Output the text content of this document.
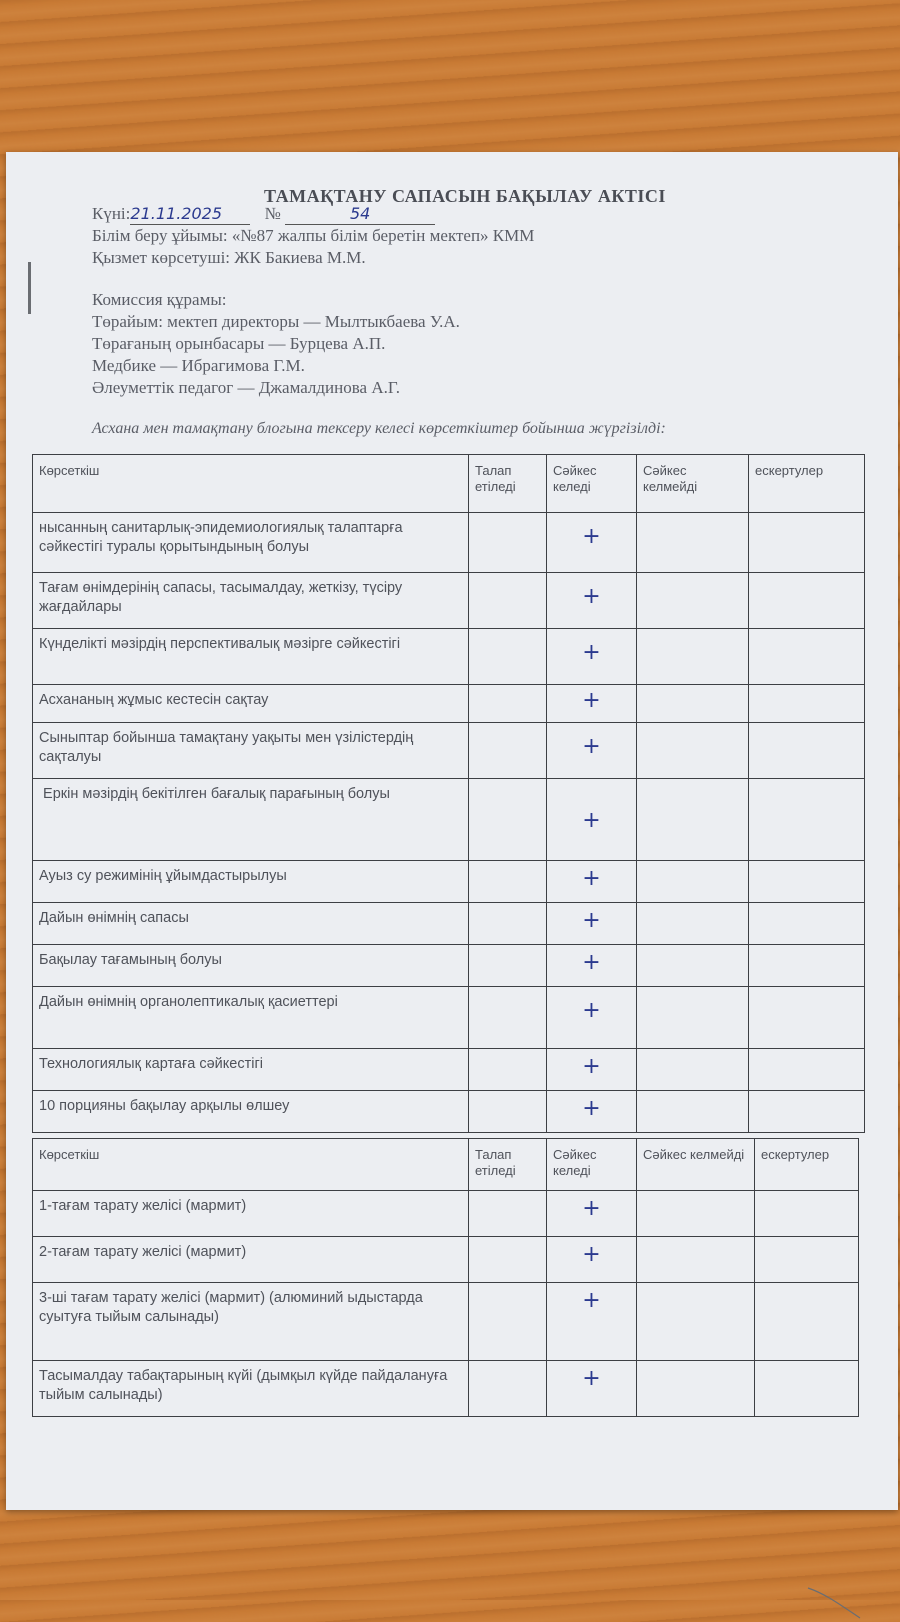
ТАМАҚТАНУ САПАСЫН БАҚЫЛАУ АКТІСІ
Күні:21.11.2025	№	54
Білім беру ұйымы: «№87 жалпы білім беретін мектеп» КММ
Қызмет көрсетуші: ЖК Бакиева М.М.
Комиссия құрамы:
Төрайым: мектеп директоры — Мылтыкбаева У.А.
Төрағаның орынбасары — Бурцева А.П.
Медбике — Ибрагимова Г.М.
Әлеуметтік педагог — Джамалдинова А.Г.
Асхана мен тамақтану блогына тексеру келесі көрсеткіштер бойынша жүргізілді:
Көрсеткіш	Талап етіледі	Сәйкес келеді	Сәйкес келмейді	ескертулер
нысанның санитарлық-эпидемиологиялық талаптарға сәйкестігі туралы қорытындының болуы		+		

Тағам өнімдерінің сапасы, тасымалдау, жеткізу, түсіру жағдайлары		+		

Күнделікті мәзірдің перспективалық мәзірге сәйкестігі		+		

Асхананың жұмыс кестесін сақтау		+		

Сыныптар бойынша тамақтану уақыты мен үзілістердің сақталуы		+		

Еркін мәзірдің бекітілген бағалық парағының болуы		+		

Ауыз су режимінің ұйымдастырылуы		+		

Дайын өнімнің сапасы		+		

Бақылау тағамының болуы		+		

Дайын өнімнің органолептикалық қасиеттері		+		

Технологиялық картаға сәйкестігі		+		

10 порцияны бақылау арқылы өлшеу		+		

Көрсеткіш	Талап етіледі	Сәйкес келеді	Сәйкес келмейді	ескертулер
1-тағам тарату желісі (мармит)		+		

2-тағам тарату желісі (мармит)		+		

3-ші тағам тарату желісі (мармит) (алюминий ыдыстарда суытуға тыйым салынады)		+		

Тасымалдау табақтарының күйі (дымқыл күйде пайдалануға тыйым салынады)		+		
